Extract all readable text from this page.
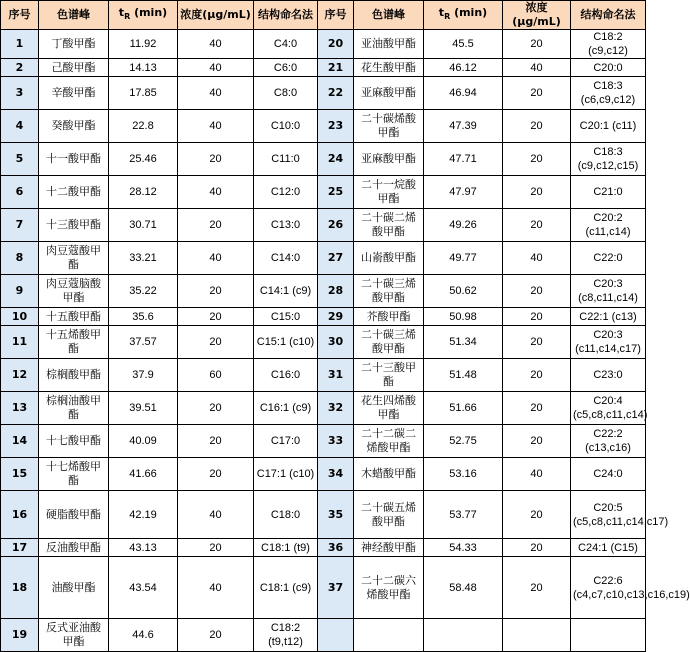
序号	色谱峰	$t_R$ (min)	浓度(µg/mL)	结构命名法	序号	色谱峰	$t_R$ (min)	浓度(µg/mL)	结构命名法
1	丁酸甲酯	11.92	40	C4:0	20	亚油酸甲酯	45.5	20	C18:2 (c9,c12)
2	己酸甲酯	14.13	40	C6:0	21	花生酸甲酯	46.12	40	C20:0
3	辛酸甲酯	17.85	40	C8:0	22	亚麻酸甲酯	46.94	20	C18:3 (c6,c9,c12)
4	癸酸甲酯	22.8	40	C10:0	23	二十碳烯酸甲酯	47.39	20	C20:1 (c11)
5	十一酸甲酯	25.46	20	C11:0	24	亚麻酸甲酯	47.71	20	C18:3 (c9,c12,c15)
6	十二酸甲酯	28.12	40	C12:0	25	二十一烷酸甲酯	47.97	20	C21:0
7	十三酸甲酯	30.71	20	C13:0	26	二十碳二烯酸甲酯	49.26	20	C20:2 (c11,c14)
8	肉豆蔻酸甲酯	33.21	40	C14:0	27	山嵛酸甲酯	49.77	40	C22:0
9	肉豆蔻脑酸甲酯	35.22	20	C14:1 (c9)	28	二十碳三烯酸甲酯	50.62	20	C20:3 (c8,c11,c14)
10	十五酸甲酯	35.6	20	C15:0	29	芥酸甲酯	50.98	20	C22:1 (c13)
11	十五烯酸甲酯	37.57	20	C15:1 (c10)	30	二十碳三烯酸甲酯	51.34	20	C20:3 (c11,c14,c17)
12	棕榈酸甲酯	37.9	60	C16:0	31	二十三酸甲酯	51.48	20	C23:0
13	棕榈油酸甲酯	39.51	20	C16:1 (c9)	32	花生四烯酸甲酯	51.66	20	C20:4 (c5,c8,c11,c14)
14	十七酸甲酯	40.09	20	C17:0	33	二十二碳二烯酸甲酯	52.75	20	C22:2 (c13,c16)
15	十七烯酸甲酯	41.66	20	C17:1 (c10)	34	木蜡酸甲酯	53.16	40	C24:0
16	硬脂酸甲酯	42.19	40	C18:0	35	二十碳五烯酸甲酯	53.77	20	C20:5 (c5,c8,c11,c14,c17)
17	反油酸甲酯	43.13	20	C18:1 (t9)	36	神经酸甲酯	54.33	20	C24:1 (C15)
18	油酸甲酯	43.54	40	C18:1 (c9)	37	二十二碳六烯酸甲酯	58.48	20	C22:6 (c4,c7,c10,c13,c16,c19)
19	反式亚油酸甲酯	44.6	20	C18:2 (t9,t12)					
